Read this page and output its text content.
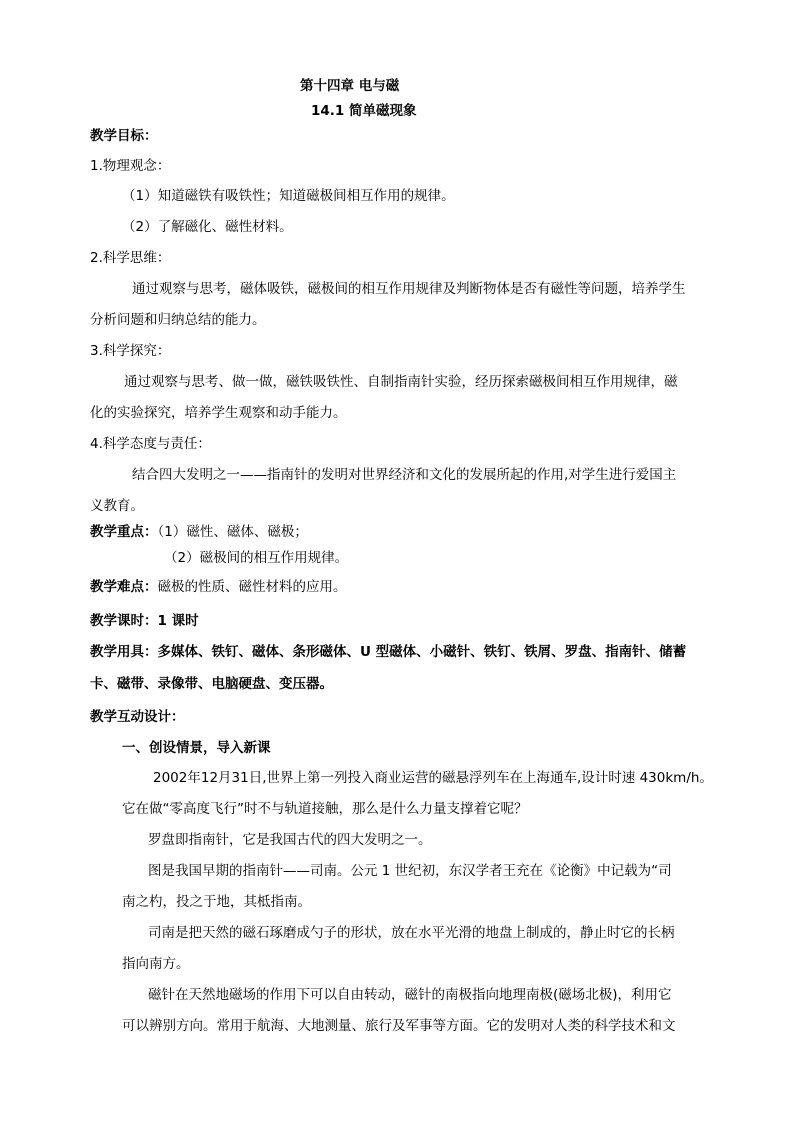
第十四章 电与磁
14.1 简单磁现象
教学目标：
1.物理观念：
（1）知道磁铁有吸铁性；知道磁极间相互作用的规律。
（2）了解磁化、磁性材料。
2.科学思维：
通过观察与思考，磁体吸铁，磁极间的相互作用规律及判断物体是否有磁性等问题，培养学生
分析问题和归纳总结的能力。
3.科学探究：
通过观察与思考、做一做，磁铁吸铁性、自制指南针实验，经历探索磁极间相互作用规律，磁
化的实验探究，培养学生观察和动手能力。
4.科学态度与责任：
结合四大发明之一——指南针的发明对世界经济和文化的发展所起的作用,对学生进行爱国主
义教育。
教学重点：（1）磁性、磁体、磁极；
（2）磁极间的相互作用规律。
教学难点：磁极的性质、磁性材料的应用。
教学课时：1 课时
教学用具：多媒体、铁钉、磁体、条形磁体、U 型磁体、小磁针、铁钉、铁屑、罗盘、指南针、储蓄
卡、磁带、录像带、电脑硬盘、变压器。
教学互动设计：
一、创设情景，导入新课
2002年12月31日,世界上第一列投入商业运营的磁悬浮列车在上海通车,设计时速 430km/h。
它在做“零高度飞行”时不与轨道接触，那么是什么力量支撑着它呢？
罗盘即指南针，它是我国古代的四大发明之一。
图是我国早期的指南针——司南。公元 1 世纪初，东汉学者王充在《论衡》中记载为“司
南之杓，投之于地，其柢指南。
司南是把天然的磁石琢磨成勺子的形状，放在水平光滑的地盘上制成的，静止时它的长柄
指向南方。
磁针在天然地磁场的作用下可以自由转动，磁针的南极指向地理南极(磁场北极)，利用它
可以辨别方向。常用于航海、大地测量、旅行及军事等方面。它的发明对人类的科学技术和文
